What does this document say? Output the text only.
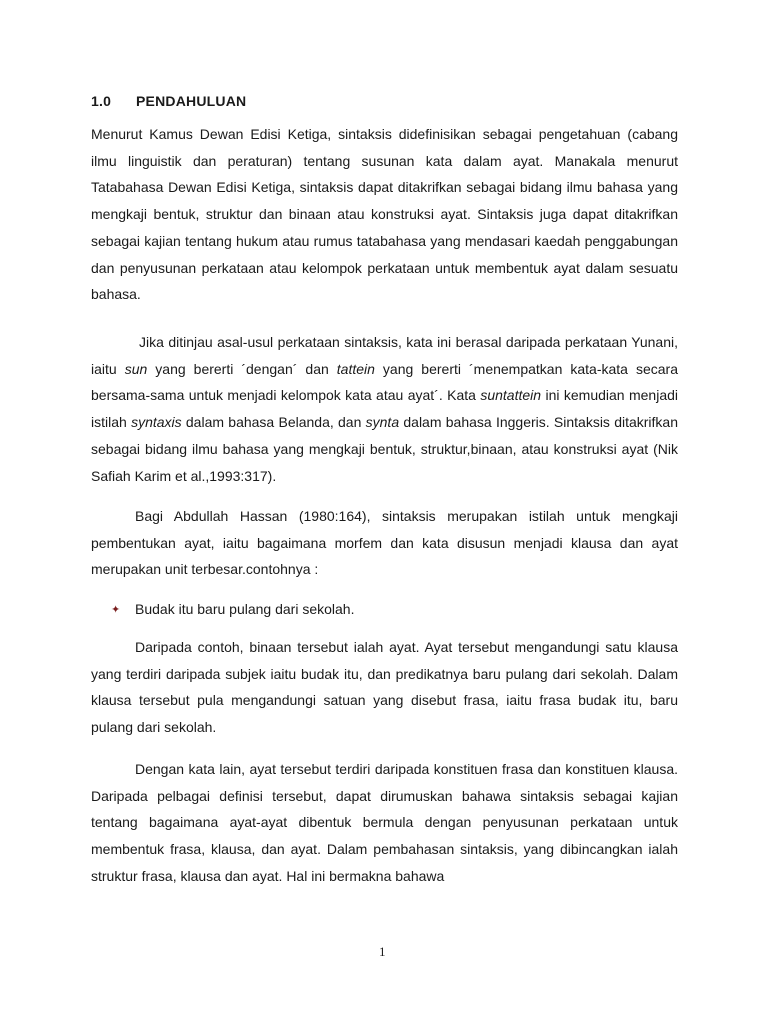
1.0 PENDAHULUAN

Menurut Kamus Dewan Edisi Ketiga, sintaksis didefinisikan sebagai pengetahuan (cabang ilmu linguistik dan peraturan) tentang susunan kata dalam ayat. Manakala menurut Tatabahasa Dewan Edisi Ketiga, sintaksis dapat ditakrifkan sebagai bidang ilmu bahasa yang mengkaji bentuk, struktur dan binaan atau konstruksi ayat. Sintaksis juga dapat ditakrifkan sebagai kajian tentang hukum atau rumus tatabahasa yang mendasari kaedah penggabungan dan penyusunan perkataan atau kelompok perkataan untuk membentuk ayat dalam sesuatu bahasa.

Jika ditinjau asal-usul perkataan sintaksis, kata ini berasal daripada perkataan Yunani, iaitu sun yang bererti ´dengan´ dan tattein yang bererti ´menempatkan kata-kata secara bersama-sama untuk menjadi kelompok kata atau ayat´. Kata suntattein ini kemudian menjadi istilah syntaxis dalam bahasa Belanda, dan synta dalam bahasa Inggeris. Sintaksis ditakrifkan sebagai bidang ilmu bahasa yang mengkaji bentuk, struktur,binaan, atau konstruksi ayat (Nik Safiah Karim et al.,1993:317).

Bagi Abdullah Hassan (1980:164), sintaksis merupakan istilah untuk mengkaji pembentukan ayat, iaitu bagaimana morfem dan kata disusun menjadi klausa dan ayat merupakan unit terbesar.contohnya :

✦ Budak itu baru pulang dari sekolah.

Daripada contoh, binaan tersebut ialah ayat. Ayat tersebut mengandungi satu klausa yang terdiri daripada subjek iaitu budak itu, dan predikatnya baru pulang dari sekolah. Dalam klausa tersebut pula mengandungi satuan yang disebut frasa, iaitu frasa budak itu, baru pulang dari sekolah.

Dengan kata lain, ayat tersebut terdiri daripada konstituen frasa dan konstituen klausa. Daripada pelbagai definisi tersebut, dapat dirumuskan bahawa sintaksis sebagai kajian tentang bagaimana ayat-ayat dibentuk bermula dengan penyusunan perkataan untuk membentuk frasa, klausa, dan ayat. Dalam pembahasan sintaksis, yang dibincangkan ialah struktur frasa, klausa dan ayat. Hal ini bermakna bahawa

1
